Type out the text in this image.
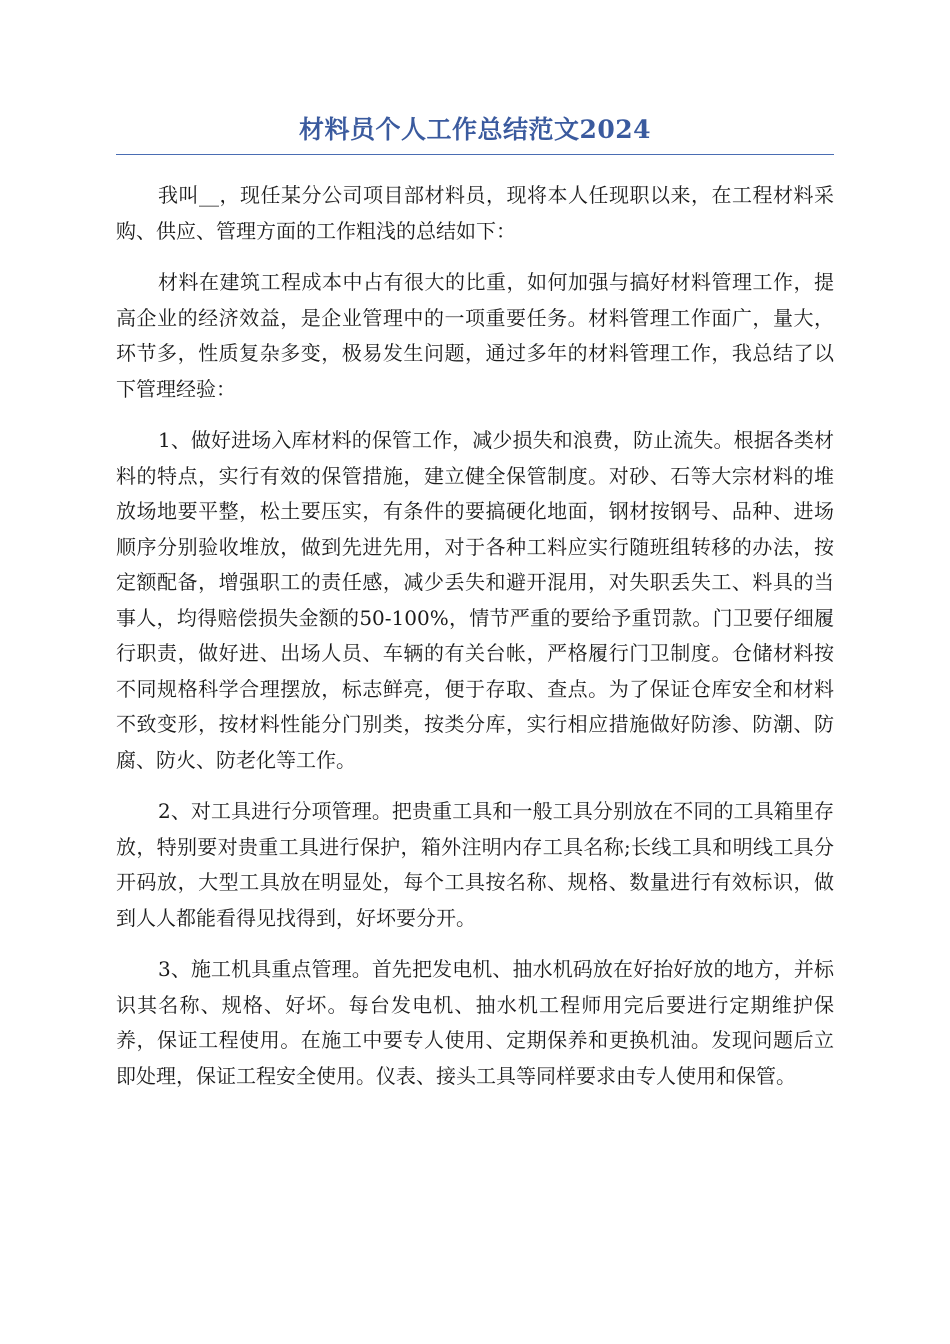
材料员个人工作总结范文2024

我叫__，现任某分公司项目部材料员，现将本人任现职以来，在工程材料采购、供应、管理方面的工作粗浅的总结如下：

材料在建筑工程成本中占有很大的比重，如何加强与搞好材料管理工作，提高企业的经济效益，是企业管理中的一项重要任务。材料管理工作面广，量大，环节多，性质复杂多变，极易发生问题，通过多年的材料管理工作，我总结了以下管理经验：

1、做好进场入库材料的保管工作，减少损失和浪费，防止流失。根据各类材料的特点，实行有效的保管措施，建立健全保管制度。对砂、石等大宗材料的堆放场地要平整，松土要压实，有条件的要搞硬化地面，钢材按钢号、品种、进场顺序分别验收堆放，做到先进先用，对于各种工料应实行随班组转移的办法，按定额配备，增强职工的责任感，减少丢失和避开混用，对失职丢失工、料具的当事人，均得赔偿损失金额的50-100%，情节严重的要给予重罚款。门卫要仔细履行职责，做好进、出场人员、车辆的有关台帐，严格履行门卫制度。仓储材料按不同规格科学合理摆放，标志鲜亮，便于存取、查点。为了保证仓库安全和材料不致变形，按材料性能分门别类，按类分库，实行相应措施做好防渗、防潮、防腐、防火、防老化等工作。

2、对工具进行分项管理。把贵重工具和一般工具分别放在不同的工具箱里存放，特别要对贵重工具进行保护，箱外注明内存工具名称;长线工具和明线工具分开码放，大型工具放在明显处，每个工具按名称、规格、数量进行有效标识，做到人人都能看得见找得到，好坏要分开。

3、施工机具重点管理。首先把发电机、抽水机码放在好抬好放的地方，并标识其名称、规格、好坏。每台发电机、抽水机工程师用完后要进行定期维护保养，保证工程使用。在施工中要专人使用、定期保养和更换机油。发现问题后立即处理，保证工程安全使用。仪表、接头工具等同样要求由专人使用和保管。
